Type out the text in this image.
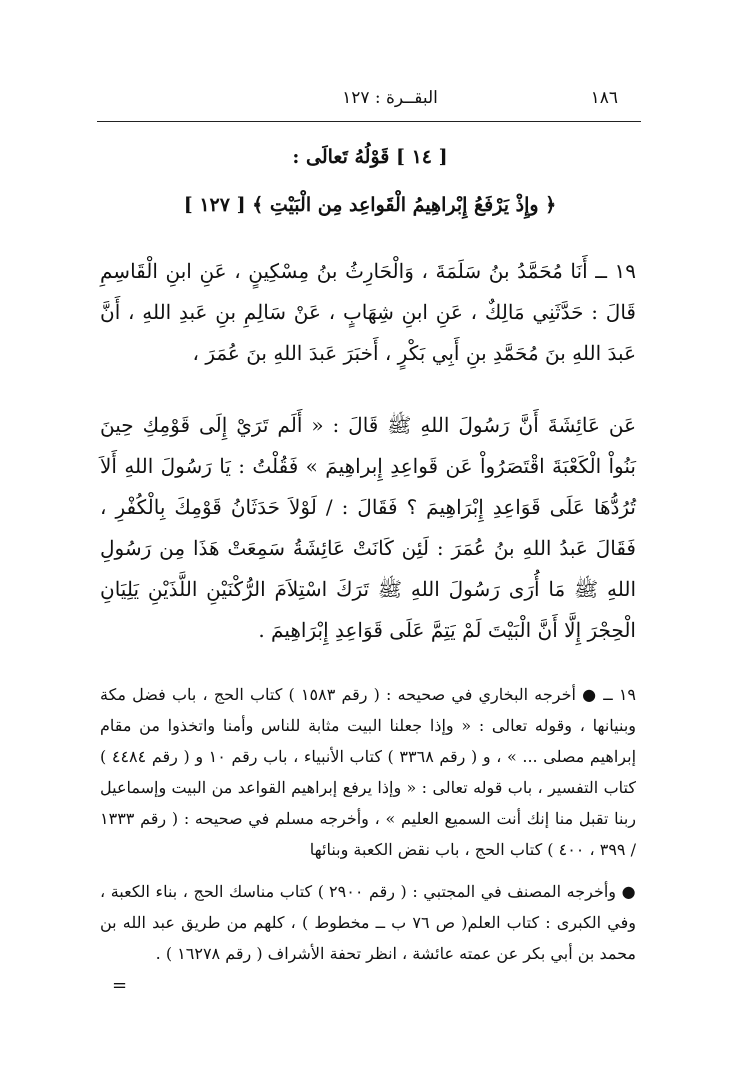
١٨٦
البقــرة : ١٢٧
[ ١٤ ] قَوْلُهُ تَعالَى :
﴿ وإِذْ يَرْفَعُ إِبْراهِيمُ الْقَواعِد مِن الْبَيْتِ ﴾ [ ١٢٧ ]
١٩ ــ أَنَا مُحَمَّدُ بنُ سَلَمَةَ ، وَالْحَارِثُ بنُ مِسْكِينٍ ، عَنِ ابنِ الْقَاسِمِ قَالَ : حَدَّثَنِي مَالِكٌ ، عَنِ ابنِ شِهَابٍ ، عَنْ سَالِمِ بنِ عَبدِ اللهِ ، أَنَّ عَبدَ اللهِ بنَ مُحَمَّدِ بنِ أَبِي بَكْرٍ ، أَخبَرَ عَبدَ اللهِ بنَ عُمَرَ ،
عَن عَائِشَةَ أَنَّ رَسُولَ اللهِ ﷺ قَالَ : « أَلَم تَرَيْ إِلَى قَوْمِكِ حِينَ بَنُواْ الْكَعْبَةَ اقْتَصَرُواْ عَن قَواعِدِ إِبراهِيمَ » فَقُلْتُ : يَا رَسُولَ اللهِ أَلاَ تُرُدُّهَا عَلَى قَوَاعِدِ إِبْرَاهِيمَ ؟ فَقَالَ : / لَوْلاَ حَدَثَانُ قَوْمِكَ بِالْكُفْرِ ، فَقَالَ عَبدُ اللهِ بنُ عُمَرَ : لَئِن كَانَتْ عَائِشَةُ سَمِعَتْ هَذَا مِن رَسُولِ اللهِ ﷺ مَا أُرَى رَسُولَ اللهِ ﷺ تَرَكَ اسْتِلاَمَ الرُّكْنَيْنِ اللَّذَيْنِ يَلِيَانِ الْحِجْرَ إِلَّا أَنَّ الْبَيْتَ لَمْ يَتِمَّ عَلَى قَوَاعِدِ إِبْرَاهِيمَ .
١٩ ــ ● أخرجه البخاري في صحيحه : ( رقم ١٥٨٣ ) كتاب الحج ، باب فضل مكة وبنيانها ، وقوله تعالى : « وإذا جعلنا البيت مثابة للناس وأمنا واتخذوا من مقام إبراهيم مصلى ... » ، و ( رقم ٣٣٦٨ ) كتاب الأنبياء ، باب رقم ١٠ و ( رقم ٤٤٨٤ ) كتاب التفسير ، باب قوله تعالى : « وإذا يرفع إبراهيم القواعد من البيت وإسماعيل ربنا تقبل منا إنك أنت السميع العليم » ، وأخرجه مسلم في صحيحه : ( رقم ١٣٣٣ / ٣٩٩ ، ٤٠٠ ) كتاب الحج ، باب نقض الكعبة وبنائها
● وأخرجه المصنف في المجتبي : ( رقم ٢٩٠٠ ) كتاب مناسك الحج ، بناء الكعبة ، وفي الكبرى : كتاب العلم( ص ٧٦ ب ــ مخطوط ) ، كلهم من طريق عبد الله بن محمد بن أبي بكر عن عمته عائشة ، انظر تحفة الأشراف ( رقم ١٦٢٧٨ ) .
=
